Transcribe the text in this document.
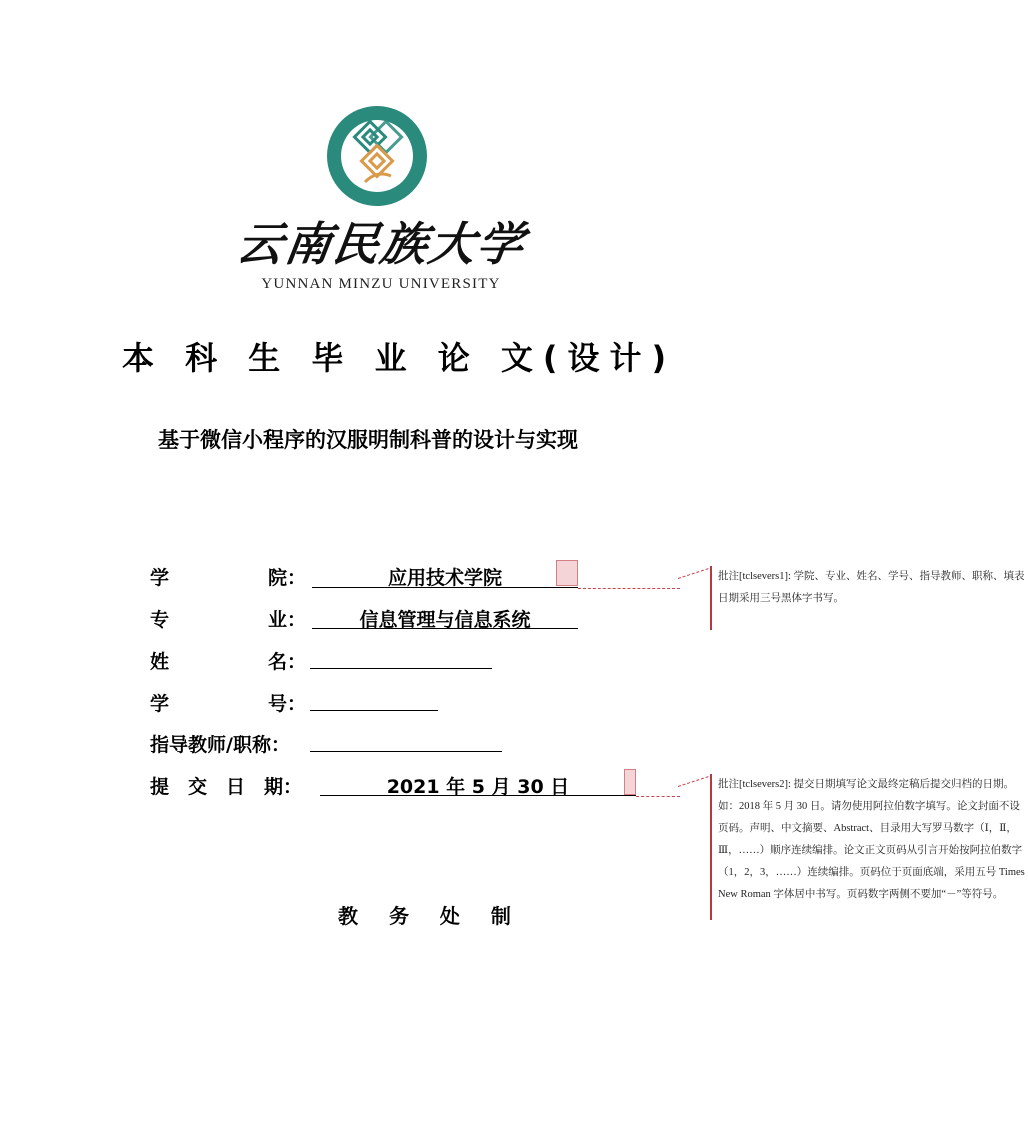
云南民族大学
YUNNAN MINZU UNIVERSITY
本 科 生 毕 业 论 文(设计)
基于微信小程序的汉服明制科普的设计与实现
学	院：	应用技术学院
专	业：	信息管理与信息系统
姓	名：
学	号：
指导教师/职称：
提　交　日　期：	2021 年 5 月 30 日
教 务 处 制
批注[tclsevers1]: 学院、专业、姓名、学号、指导教师、职称、填表日期采用三号黑体字书写。
批注[tclsevers2]: 提交日期填写论文最终定稿后提交归档的日期。如：2018 年 5 月 30 日。请勿使用阿拉伯数字填写。论文封面不设页码。声明、中文摘要、Abstract、目录用大写罗马数字（Ⅰ，Ⅱ，Ⅲ，……）顺序连续编排。论文正文页码从引言开始按阿拉伯数字（1，2，3，……）连续编排。页码位于页面底端，采用五号 Times New Roman 字体居中书写。页码数字两侧不要加“－”等符号。
